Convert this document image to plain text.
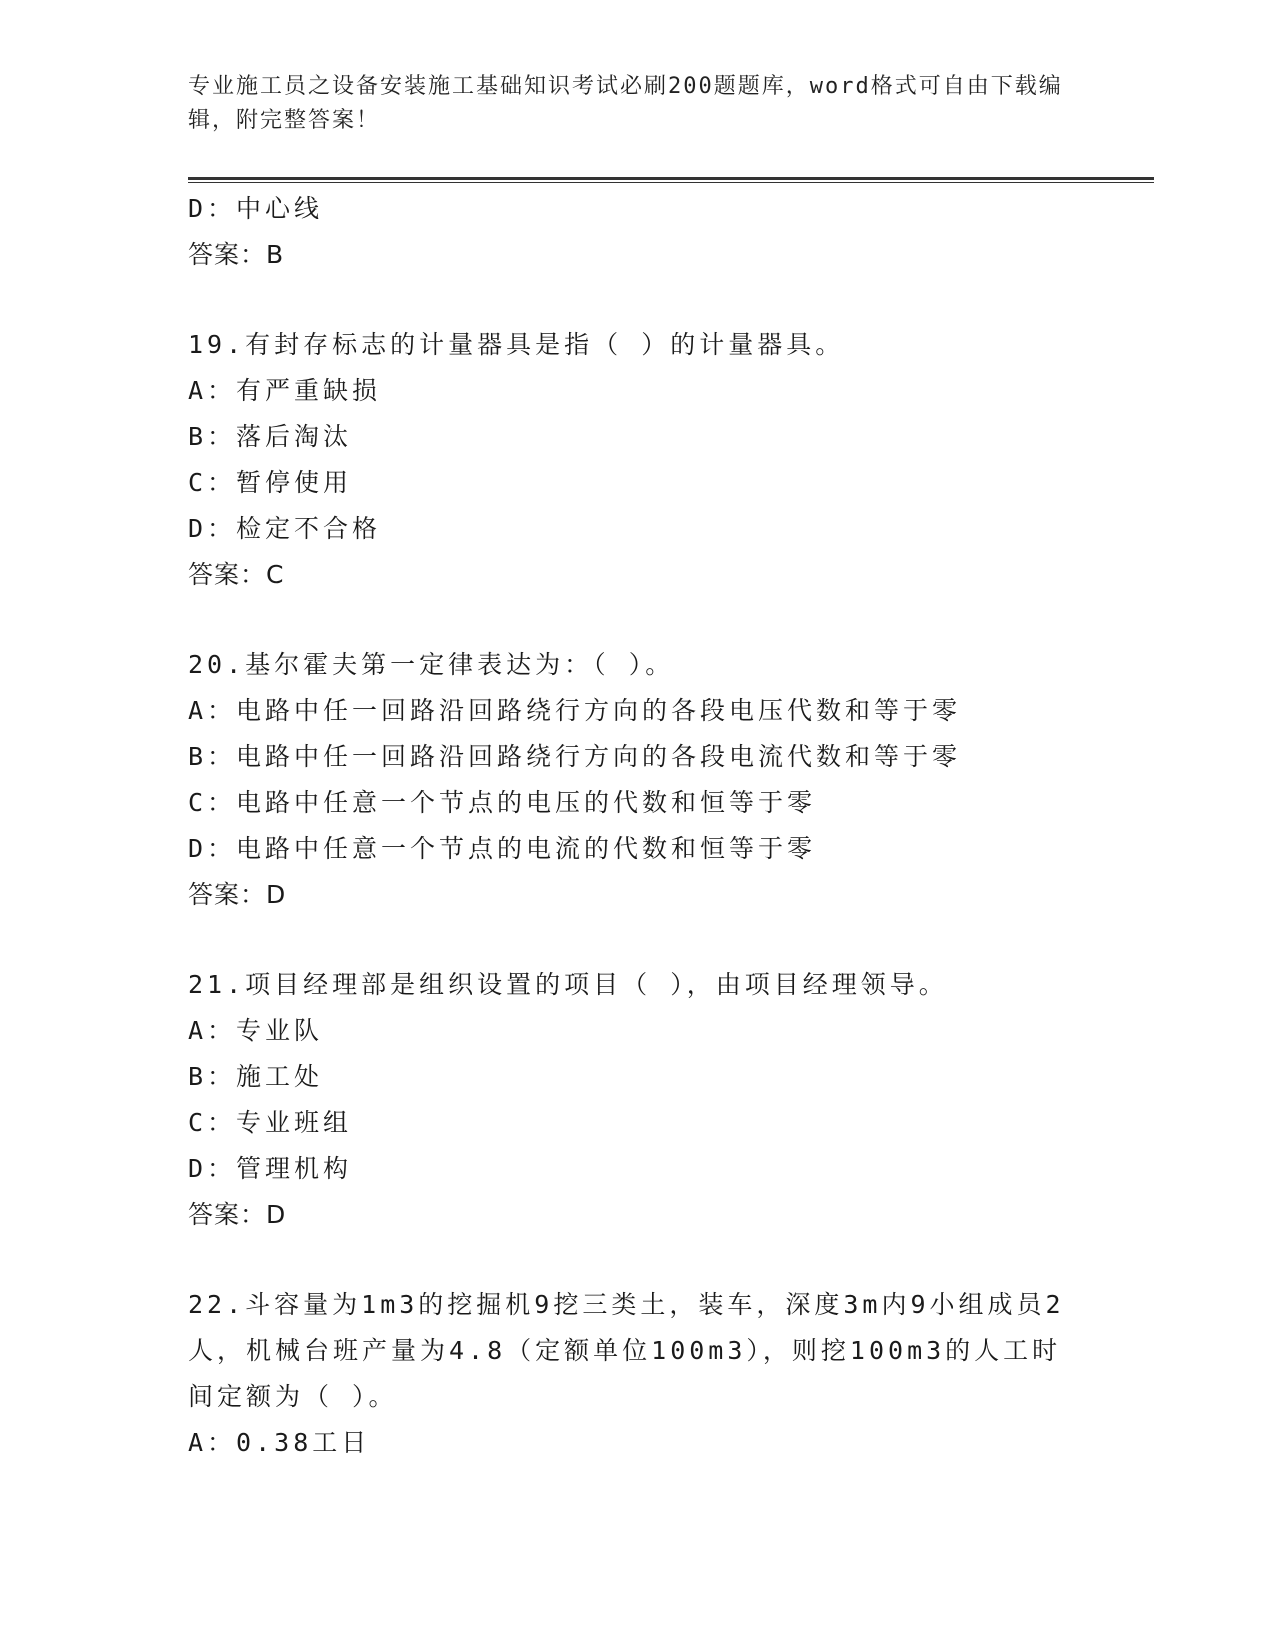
专业施工员之设备安装施工基础知识考试必刷200题题库，word格式可自由下载编辑，附完整答案！
D：中心线
答案：B
19.有封存标志的计量器具是指（ ）的计量器具。
A：有严重缺损
B：落后淘汰
C：暂停使用
D：检定不合格
答案：C
20.基尔霍夫第一定律表达为：（ ）。
A：电路中任一回路沿回路绕行方向的各段电压代数和等于零
B：电路中任一回路沿回路绕行方向的各段电流代数和等于零
C：电路中任意一个节点的电压的代数和恒等于零
D：电路中任意一个节点的电流的代数和恒等于零
答案：D
21.项目经理部是组织设置的项目（ ），由项目经理领导。
A：专业队
B：施工处
C：专业班组
D：管理机构
答案：D
22.斗容量为1m3的挖掘机9挖三类土，装车，深度3m内9小组成员2人，机械台班产量为4.8（定额单位100m3），则挖100m3的人工时间定额为（ ）。
A：0.38工日
